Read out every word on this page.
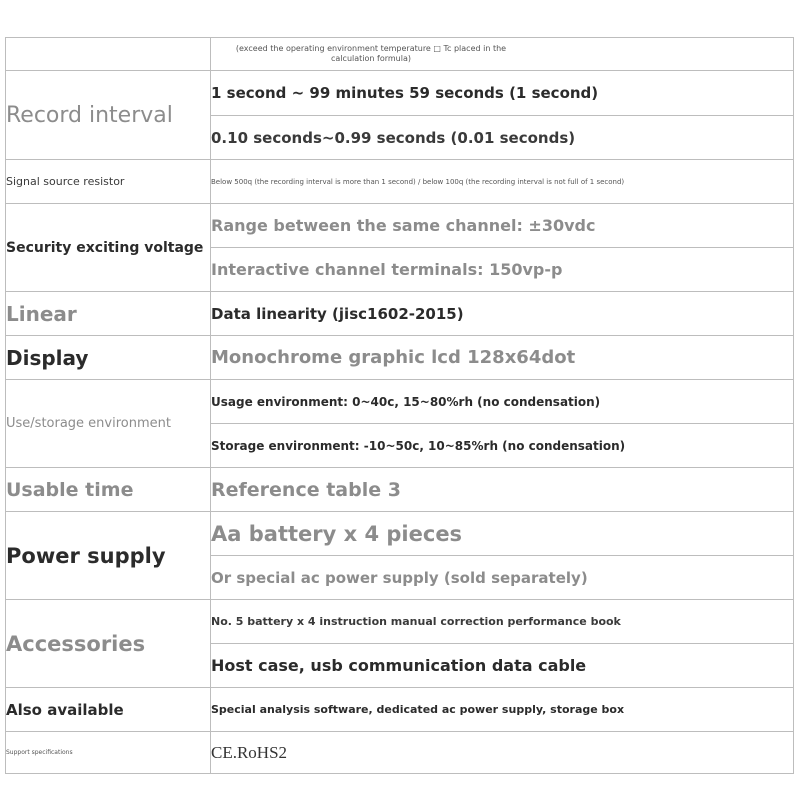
	(exceed the operating environment temperature □ Tc placed in the calculation formula)

Record interval	1 second ~ 99 minutes 59 seconds (1 second)
	0.10 seconds~0.99 seconds (0.01 seconds)
Signal source resistor	Below 500q (the recording interval is more than 1 second) / below 100q (the recording interval is not full of 1 second)
Security exciting voltage	Range between the same channel: ±30vdc
	Interactive channel terminals: 150vp-p
Linear	Data linearity (jisc1602-2015)
Display	Monochrome graphic lcd 128x64dot
Use/storage environment	Usage environment: 0~40c, 15~80%rh (no condensation)
	Storage environment: -10~50c, 10~85%rh (no condensation)
Usable time	Reference table 3
Power supply	Aa battery x 4 pieces
	Or special ac power supply (sold separately)
Accessories	No. 5 battery x 4 instruction manual correction performance book
	Host case, usb communication data cable
Also available	Special analysis software, dedicated ac power supply, storage box
Support specifications	CE.RoHS2
